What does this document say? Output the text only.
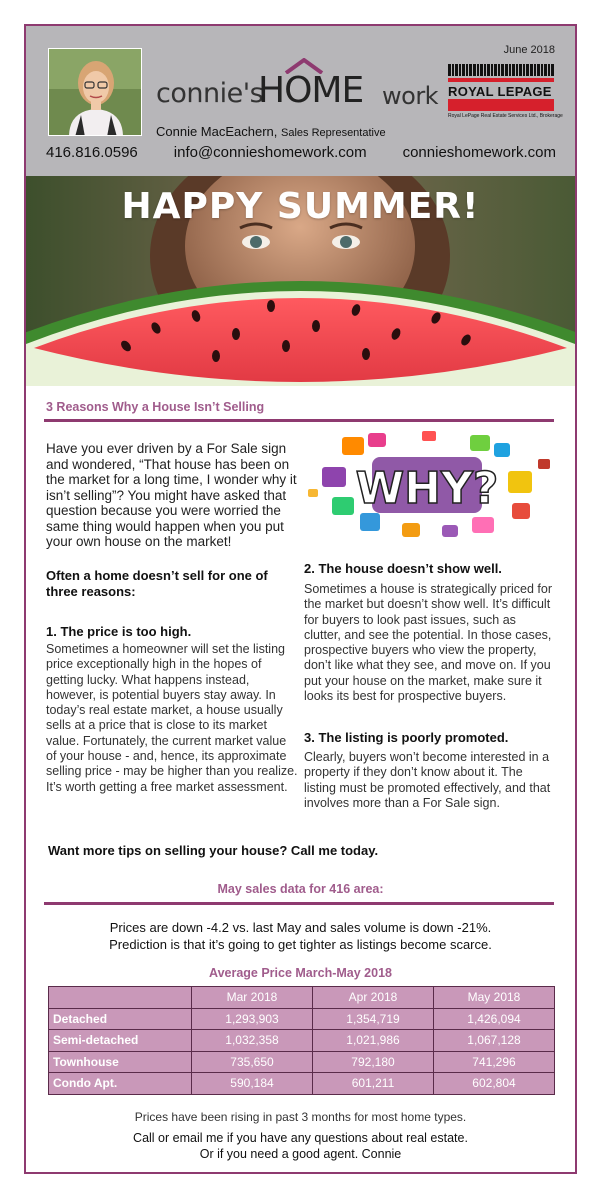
June 2018
connie's
HOME work ROYAL LEPAGE
Royal LePage Real Estate Services Ltd., Brokerage
Connie MacEachern, Sales Representative
416.816.0596 info@connieshomework.com connieshomework.com
HAPPY SUMMER!
3 Reasons Why a House Isn’t Selling
Have you ever driven by a For Sale sign and wondered, “That house has been on the market for a long time, I wonder why it isn’t selling”? You might have asked that question because you were worried the same thing would happen when you put your own house on the market!
WHY?
Often a home doesn’t sell for one of three reasons:
1. The price is too high.
Sometimes a homeowner will set the listing price exceptionally high in the hopes of getting lucky. What happens instead, however, is potential buyers stay away. In today’s real estate market, a house usually sells at a price that is close to its market value. Fortunately, the current market value of your house - and, hence, its approximate selling price - may be higher than you realize. It’s worth getting a free market assessment.
2. The house doesn’t show well.
Sometimes a house is strategically priced for the market but doesn’t show well. It’s difficult for buyers to look past issues, such as clutter, and see the potential. In those cases, prospective buyers who view the property, don’t like what they see, and move on. If you put your house on the market, make sure it looks its best for prospective buyers.
3. The listing is poorly promoted.
Clearly, buyers won’t become interested in a property if they don’t know about it. The listing must be promoted effectively, and that involves more than a For Sale sign.
Want more tips on selling your house? Call me today.
May sales data for 416 area:
Prices are down -4.2 vs. last May and sales volume is down -21%.
Prediction is that it’s going to get tighter as listings become scarce.
Average Price March-May 2018
	Mar 2018	Apr 2018	May 2018
Detached	1,293,903	1,354,719	1,426,094
Semi-detached	1,032,358	1,021,986	1,067,128
Townhouse	735,650	792,180	741,296
Condo Apt.	590,184	601,211	602,804
Prices have been rising in past 3 months for most home types.
Call or email me if you have any questions about real estate.
Or if you need a good agent. Connie
